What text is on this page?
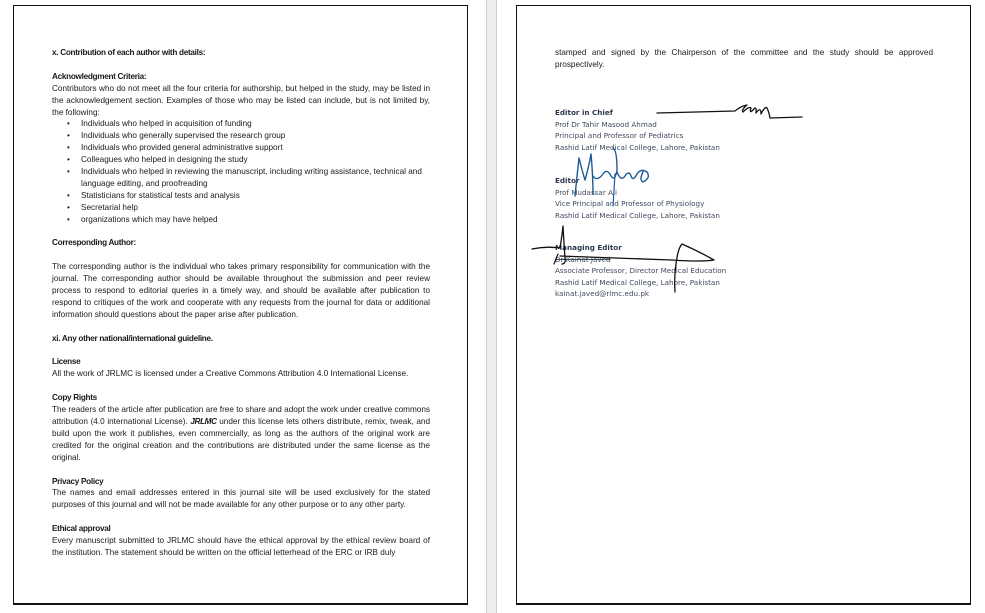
x. Contribution of each author with details:
Acknowledgment Criteria:

Contributors who do not meet all the four criteria for authorship, but helped in the study, may be listed in the acknowledgement section. Examples of those who may be listed can include, but is not limited by, the following:

• Individuals who helped in acquisition of funding
• Individuals who generally supervised the research group
• Individuals who provided general administrative support
• Colleagues who helped in designing the study
• Individuals who helped in reviewing the manuscript, including writing assistance, technical and language editing, and proofreading
• Statisticians for statistical tests and analysis
• Secretarial help
• organizations which may have helped
Corresponding Author:

The corresponding author is the individual who takes primary responsibility for communication with the journal. The corresponding author should be available throughout the submission and peer review process to respond to editorial queries in a timely way, and should be available after publication to respond to critiques of the work and cooperate with any requests from the journal for data or additional information should questions about the paper arise after publication.

xi. Any other national/international guideline.
License

All the work of JRLMC is licensed under a Creative Commons Attribution 4.0 International License.

Copy Rights

The readers of the article after publication are free to share and adopt the work under creative commons attribution (4.0 international License). JRLMC under this license lets others distribute, remix, tweak, and build upon the work it publishes, even commercially, as long as the authors of the original work are credited for the original creation and the contributions are distributed under the same license as the original.

Privacy Policy

The names and email addresses entered in this journal site will be used exclusively for the stated purposes of this journal and will not be made available for any other purpose or to any other party.

Ethical approval

Every manuscript submitted to JRLMC should have the ethical approval by the ethical review board of the institution. The statement should be written on the official letterhead of the ERC or IRB duly

stamped and signed by the Chairperson of the committee and the study should be approved prospectively.

Editor in Chief
Prof Dr Tahir Masood Ahmad
Principal and Professor of Pediatrics
Rashid Latif Medical College, Lahore, Pakistan
Editor
Prof Mudassar Ali
Vice Principal and Professor of Physiology
Rashid Latif Medical College, Lahore, Pakistan
Managing Editor
Dr Kainat Javed
Associate Professor, Director Medical Education
Rashid Latif Medical College, Lahore, Pakistan
kainat.javed@rlmc.edu.pk
